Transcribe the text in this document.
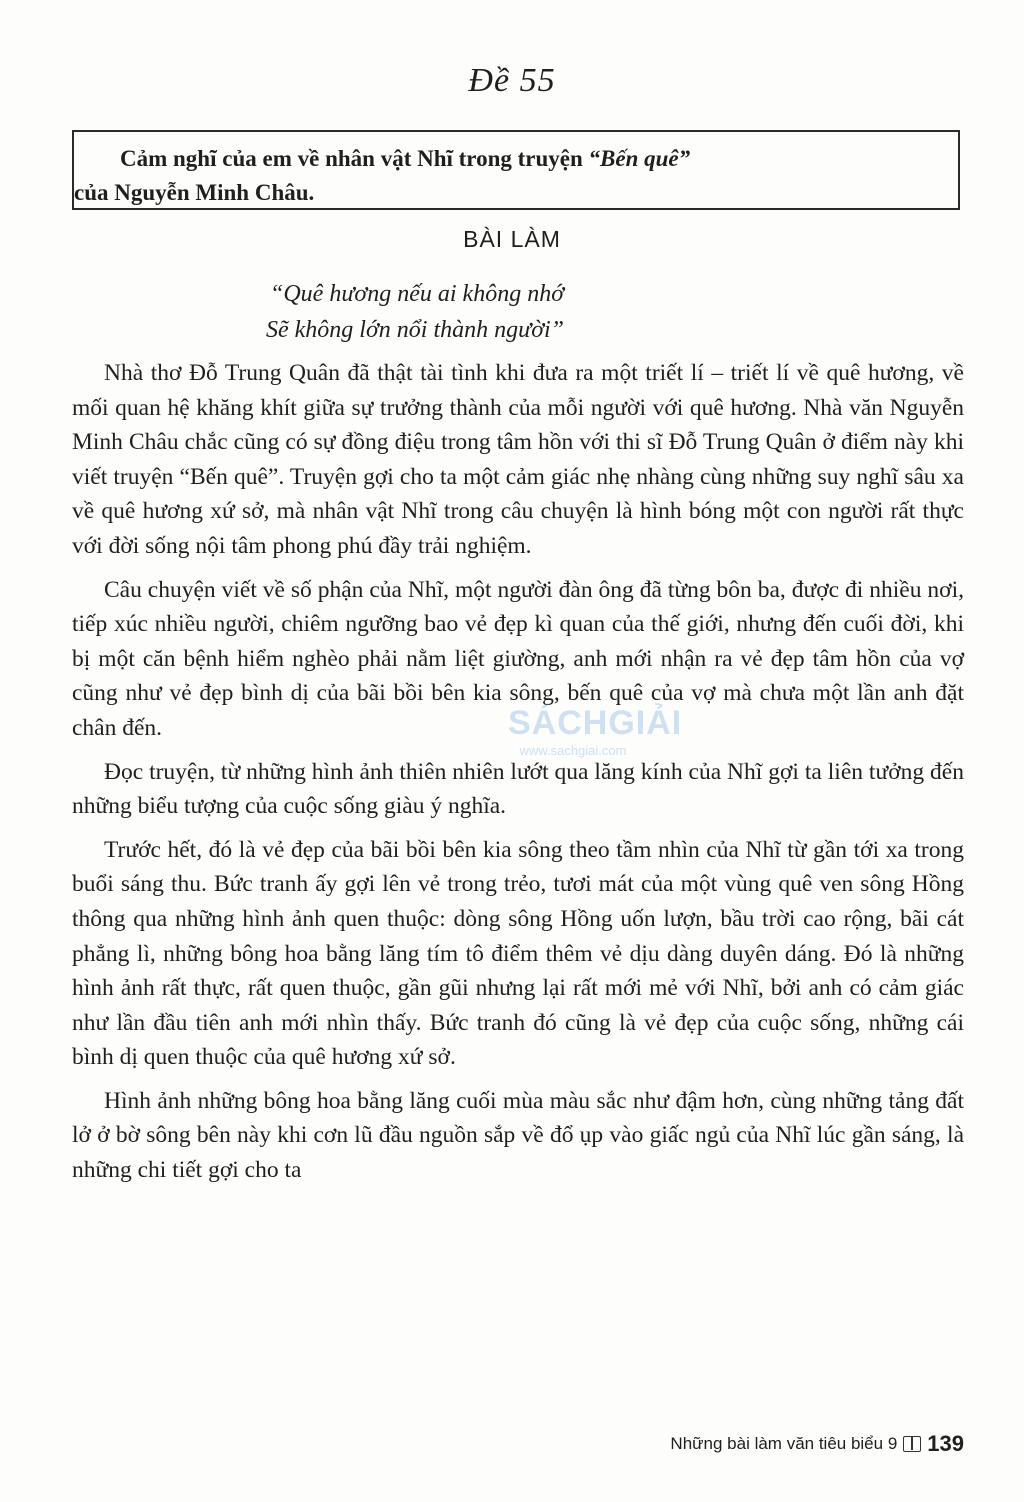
Đề 55
Cảm nghĩ của em về nhân vật Nhĩ trong truyện “Bến quê”
của Nguyễn Minh Châu.
BÀI LÀM
“Quê hương nếu ai không nhớ
Sẽ không lớn nổi thành người”

Nhà thơ Đỗ Trung Quân đã thật tài tình khi đưa ra một triết lí – triết lí về quê hương, về mối quan hệ khăng khít giữa sự trưởng thành của mỗi người với quê hương. Nhà văn Nguyễn Minh Châu chắc cũng có sự đồng điệu trong tâm hồn với thi sĩ Đỗ Trung Quân ở điểm này khi viết truyện “Bến quê”. Truyện gợi cho ta một cảm giác nhẹ nhàng cùng những suy nghĩ sâu xa về quê hương xứ sở, mà nhân vật Nhĩ trong câu chuyện là hình bóng một con người rất thực với đời sống nội tâm phong phú đầy trải nghiệm.

Câu chuyện viết về số phận của Nhĩ, một người đàn ông đã từng bôn ba, được đi nhiều nơi, tiếp xúc nhiều người, chiêm ngưỡng bao vẻ đẹp kì quan của thế giới, nhưng đến cuối đời, khi bị một căn bệnh hiểm nghèo phải nằm liệt giường, anh mới nhận ra vẻ đẹp tâm hồn của vợ cũng như vẻ đẹp bình dị của bãi bồi bên kia sông, bến quê của vợ mà chưa một lần anh đặt chân đến.

Đọc truyện, từ những hình ảnh thiên nhiên lướt qua lăng kính của Nhĩ gợi ta liên tưởng đến những biểu tượng của cuộc sống giàu ý nghĩa.

Trước hết, đó là vẻ đẹp của bãi bồi bên kia sông theo tầm nhìn của Nhĩ từ gần tới xa trong buổi sáng thu. Bức tranh ấy gợi lên vẻ trong trẻo, tươi mát của một vùng quê ven sông Hồng thông qua những hình ảnh quen thuộc: dòng sông Hồng uốn lượn, bầu trời cao rộng, bãi cát phẳng lì, những bông hoa bằng lăng tím tô điểm thêm vẻ dịu dàng duyên dáng. Đó là những hình ảnh rất thực, rất quen thuộc, gần gũi nhưng lại rất mới mẻ với Nhĩ, bởi anh có cảm giác như lần đầu tiên anh mới nhìn thấy. Bức tranh đó cũng là vẻ đẹp của cuộc sống, những cái bình dị quen thuộc của quê hương xứ sở.

Hình ảnh những bông hoa bằng lăng cuối mùa màu sắc như đậm hơn, cùng những tảng đất lở ở bờ sông bên này khi cơn lũ đầu nguồn sắp về đổ ụp vào giấc ngủ của Nhĩ lúc gần sáng, là những chi tiết gợi cho ta

SÁCHGIẢI
www.sachgiai.com
Những bài làm văn tiêu biểu 9 139
